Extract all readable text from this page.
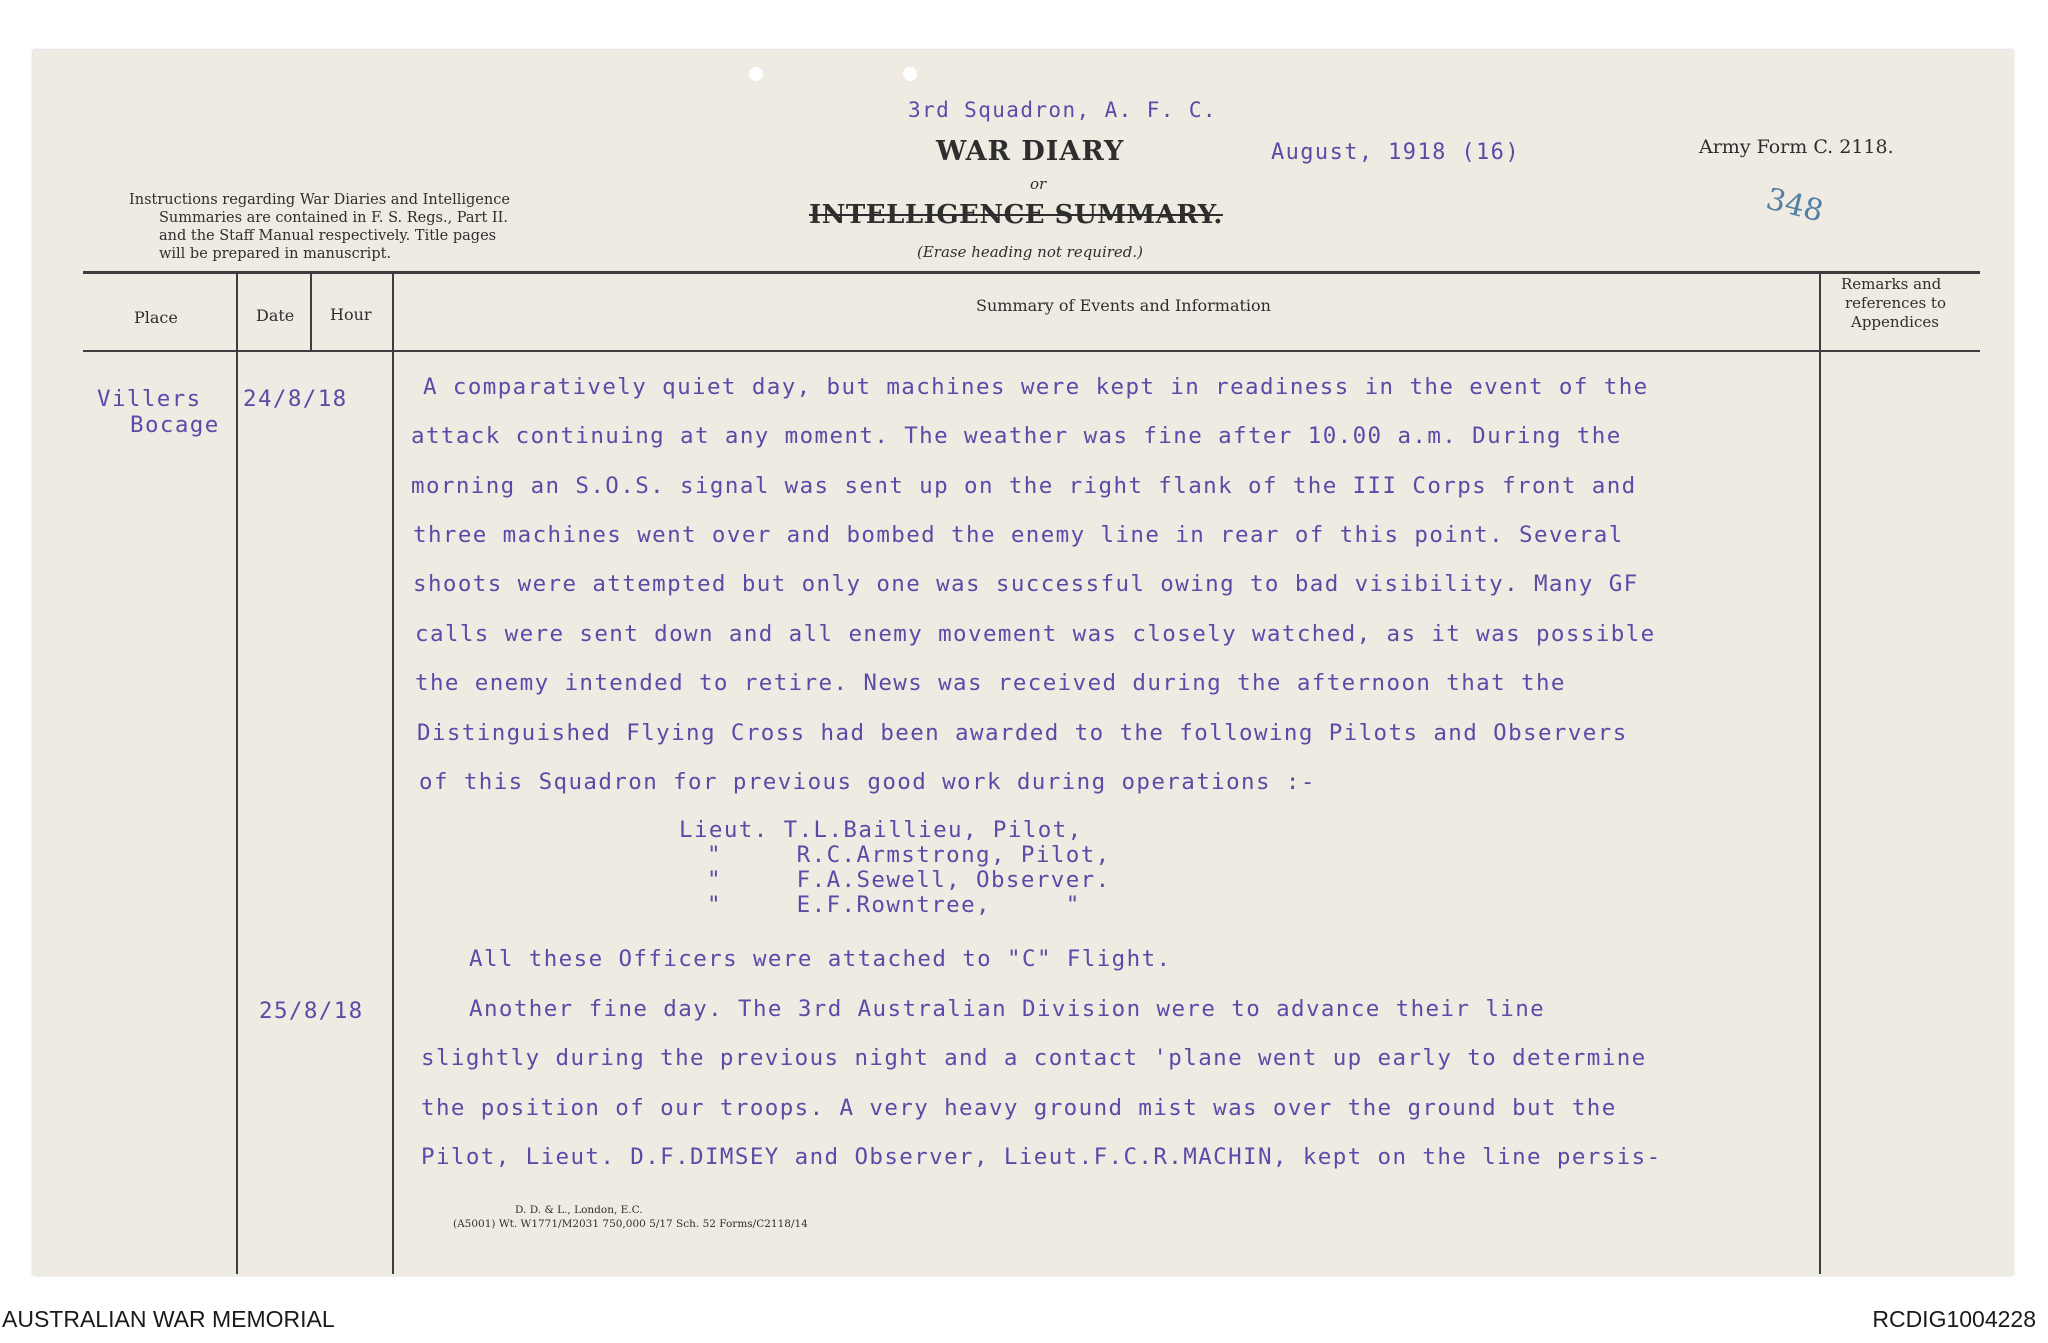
3rd Squadron, A. F. C.
WAR DIARY
or
INTELLIGENCE SUMMARY.
(Erase heading not required.)
August, 1918 (16)	Army Form C. 2118.
348
Instructions regarding War Diaries and Intelligence
Summaries are contained in F. S. Regs., Part II.
and the Staff Manual respectively. Title pages
will be prepared in manuscript.
Place	Date Hour	Summary of Events and Information
Remarks and
references to
Appendices
Villers
Bocage
24/8/18	A comparatively quiet day, but machines were kept in readiness in the event of the
attack continuing at any moment. The weather was fine after 10.00 a.m. During the
morning an S.O.S. signal was sent up on the right flank of the III Corps front and
three machines went over and bombed the enemy line in rear of this point. Several
shoots were attempted but only one was successful owing to bad visibility. Many GF
calls were sent down and all enemy movement was closely watched, as it was possible
the enemy intended to retire. News was received during the afternoon that the
Distinguished Flying Cross had been awarded to the following Pilots and Observers
of this Squadron for previous good work during operations :-
Lieut. T.L.Baillieu, Pilot,
"     R.C.Armstrong, Pilot,
"     F.A.Sewell, Observer.
"     E.F.Rowntree,     "
All these Officers were attached to "C" Flight.
25/8/18	Another fine day. The 3rd Australian Division were to advance their line
slightly during the previous night and a contact 'plane went up early to determine
the position of our troops. A very heavy ground mist was over the ground but the
Pilot, Lieut. D.F.DIMSEY and Observer, Lieut.F.C.R.MACHIN, kept on the line persis-
D. D. & L., London, E.C.
(A5001) Wt. W1771/M2031 750,000 5/17 Sch. 52 Forms/C2118/14
AUSTRALIAN WAR MEMORIAL	RCDIG1004228
